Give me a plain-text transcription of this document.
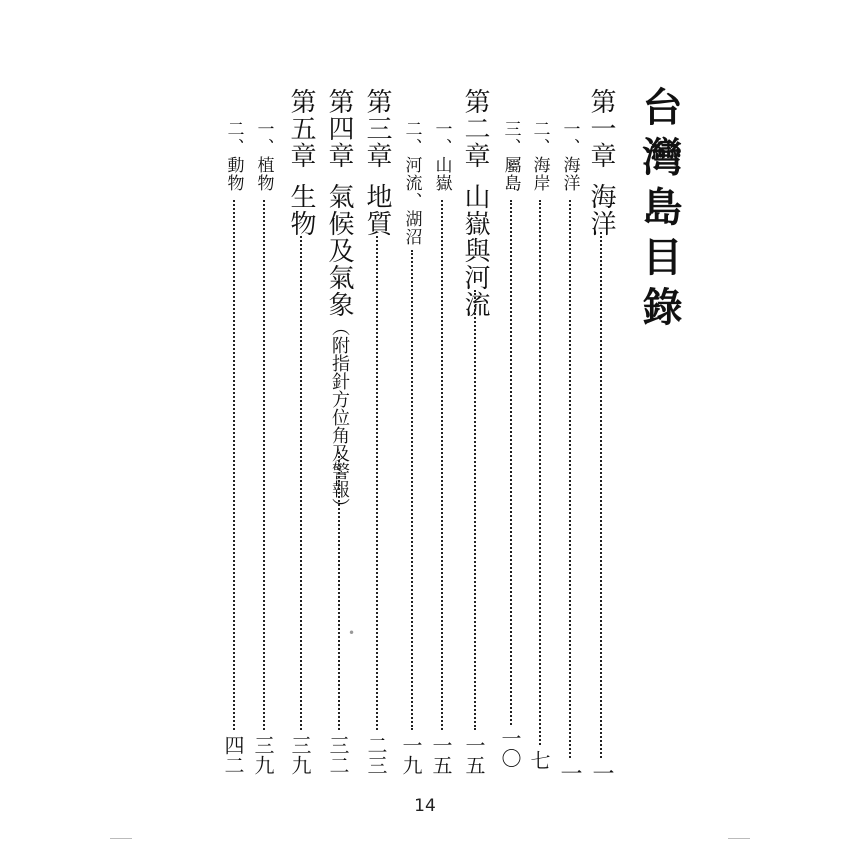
台灣島目錄
第一章海洋
一
一、海洋
一
二、海岸
七
三、屬島
一〇
第二章山嶽與河流
一五
一、山嶽
一五
二、河流、湖沼
一九
第三章地質
二三
第四章氣候及氣象（附指針方位角及警報）
三二
第五章生物
三九
一、植物
三九
二、動物
四二
•
14
